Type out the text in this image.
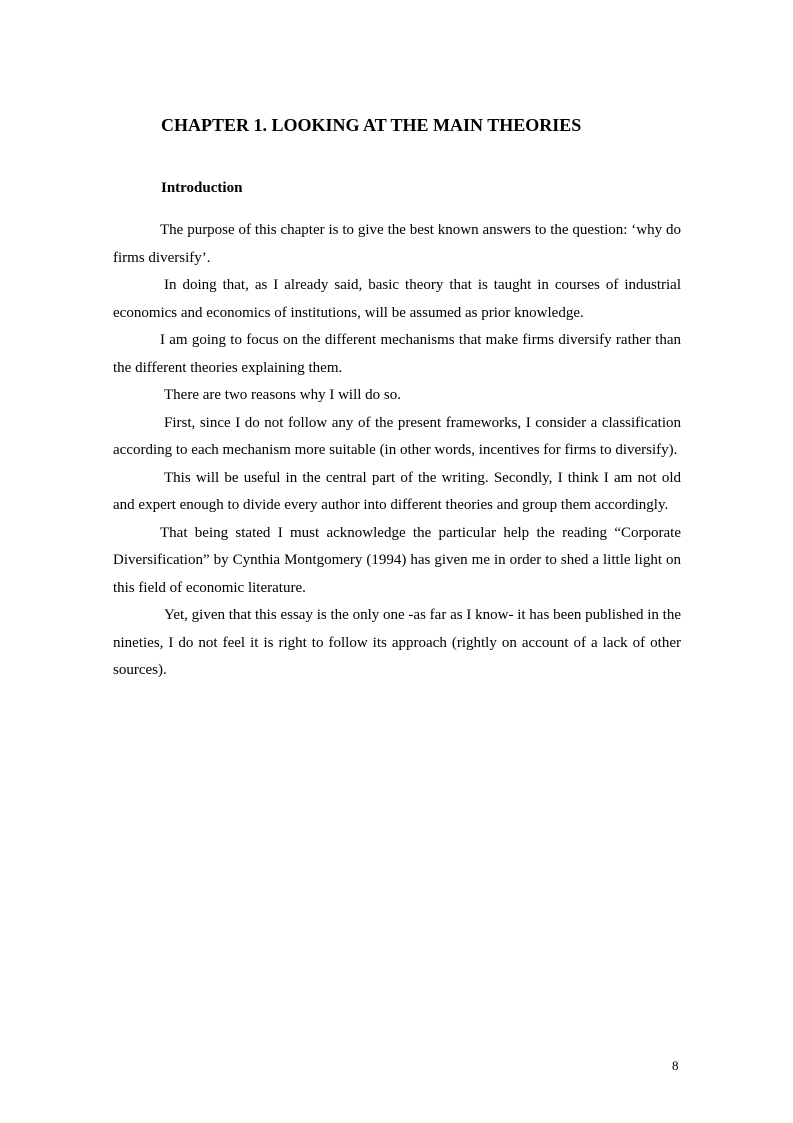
CHAPTER 1. LOOKING AT THE MAIN THEORIES
Introduction

The purpose of this chapter is to give the best known answers to the question: ‘why do firms diversify’.

In doing that, as I already said, basic theory that is taught in courses of industrial economics and economics of institutions, will be assumed as prior knowledge.

I am going to focus on the different mechanisms that make firms diversify rather than the different theories explaining them.

There are two reasons why I will do so.

First, since I do not follow any of the present frameworks, I consider a classification according to each mechanism more suitable (in other words, incentives for firms to diversify).

This will be useful in the central part of the writing. Secondly, I think I am not old and expert enough to divide every author into different theories and group them accordingly.

That being stated I must acknowledge the particular help the reading “Corporate Diversification” by Cynthia Montgomery (1994) has given me in order to shed a little light on this field of economic literature.

Yet, given that this essay is the only one -as far as I know- it has been published in the nineties, I do not feel it is right to follow its approach (rightly on account of a lack of other sources).

8
